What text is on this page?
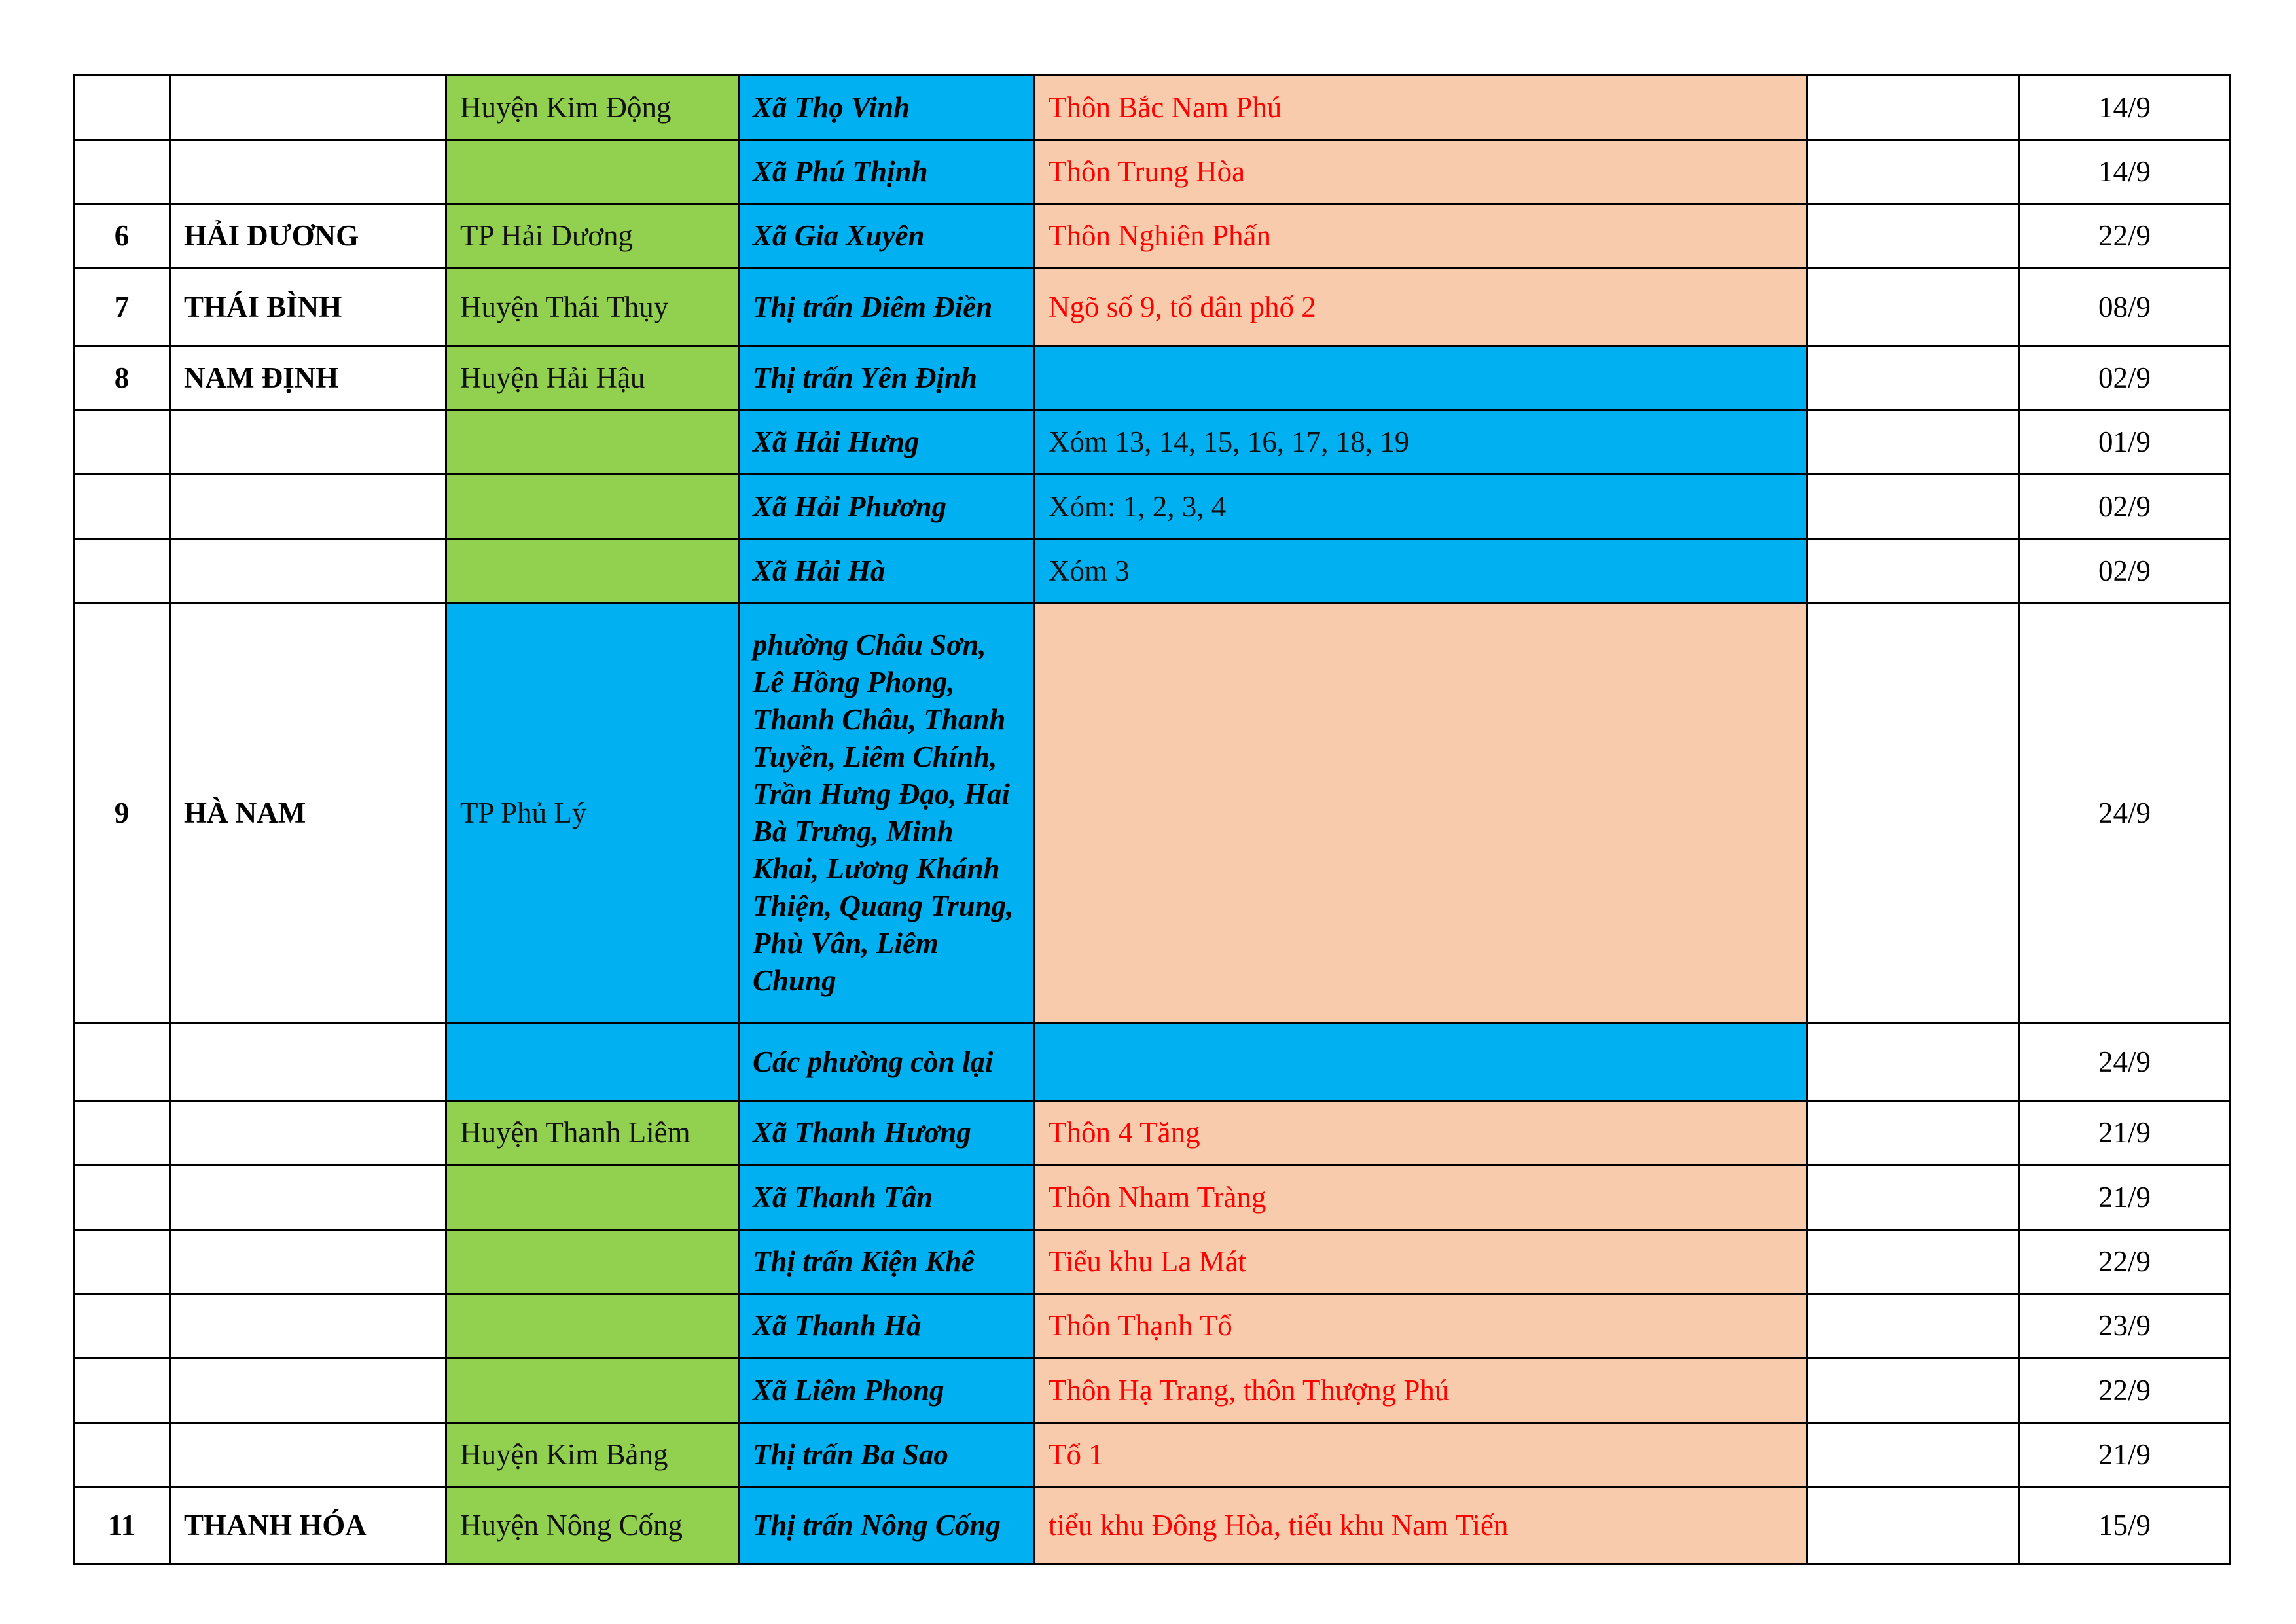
		Huyện Kim Động	Xã Thọ Vinh	Thôn Bắc Nam Phú		14/9
			Xã Phú Thịnh	Thôn Trung Hòa		14/9
6	HẢI DƯƠNG	TP Hải Dương	Xã Gia Xuyên	Thôn Nghiên Phấn		22/9
7	THÁI BÌNH	Huyện Thái Thụy	Thị trấn Diêm Điền	Ngõ số 9, tổ dân phố 2		08/9
8	NAM ĐỊNH	Huyện Hải Hậu	Thị trấn Yên Định			02/9
			Xã Hải Hưng	Xóm 13, 14, 15, 16, 17, 18, 19		01/9
			Xã Hải Phương	Xóm: 1, 2, 3, 4		02/9
			Xã Hải Hà	Xóm 3		02/9
9	HÀ NAM	TP Phủ Lý	phường Châu Sơn, Lê Hồng Phong, Thanh Châu, Thanh Tuyền, Liêm Chính, Trần Hưng Đạo, Hai Bà Trưng, Minh Khai, Lương Khánh Thiện, Quang Trung, Phù Vân, Liêm Chung			24/9
			Các phường còn lại			24/9
		Huyện Thanh Liêm	Xã Thanh Hương	Thôn 4 Tăng		21/9
			Xã Thanh Tân	Thôn Nham Tràng		21/9
			Thị trấn Kiện Khê	Tiểu khu La Mát		22/9
			Xã Thanh Hà	Thôn Thạnh Tổ		23/9
			Xã Liêm Phong	Thôn Hạ Trang, thôn Thượng Phú		22/9
		Huyện Kim Bảng	Thị trấn Ba Sao	Tổ 1		21/9
11	THANH HÓA	Huyện Nông Cống	Thị trấn Nông Cống	tiểu khu Đông Hòa, tiểu khu Nam Tiến		15/9
